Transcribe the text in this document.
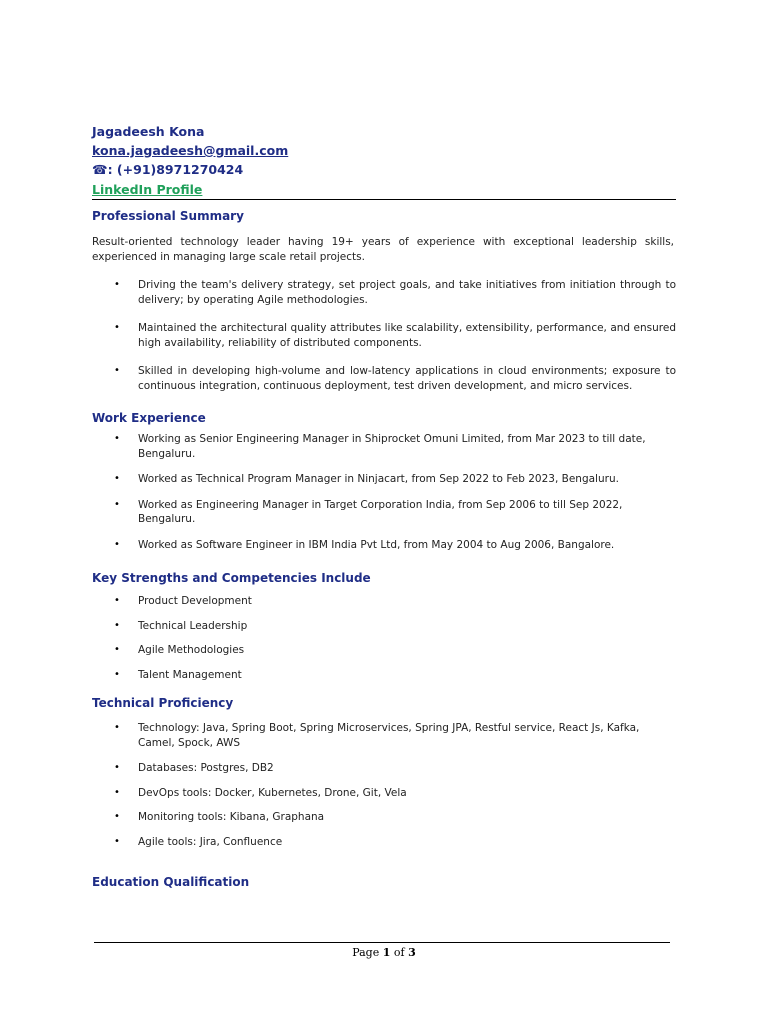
Jagadeesh Kona
kona.jagadeesh@gmail.com
☎: (+91)8971270424
LinkedIn Profile
Professional Summary
Result-oriented technology leader having 19+ years of experience with exceptional leadership skills, experienced in managing large scale retail projects.
• Driving the team's delivery strategy, set project goals, and take initiatives from initiation through to delivery; by operating Agile methodologies.
• Maintained the architectural quality attributes like scalability, extensibility, performance, and ensured high availability, reliability of distributed components.
• Skilled in developing high-volume and low-latency applications in cloud environments; exposure to continuous integration, continuous deployment, test driven development, and micro services.
Work Experience
• Working as Senior Engineering Manager in Shiprocket Omuni Limited, from Mar 2023 to till date, Bengaluru.
• Worked as Technical Program Manager in Ninjacart, from Sep 2022 to Feb 2023, Bengaluru.
• Worked as Engineering Manager in Target Corporation India, from Sep 2006 to till Sep 2022, Bengaluru.
• Worked as Software Engineer in IBM India Pvt Ltd, from May 2004 to Aug 2006, Bangalore.
Key Strengths and Competencies Include
• Product Development
• Technical Leadership
• Agile Methodologies
• Talent Management
Technical Proficiency
• Technology: Java, Spring Boot, Spring Microservices, Spring JPA, Restful service, React Js, Kafka, Camel, Spock, AWS
• Databases: Postgres, DB2
• DevOps tools: Docker, Kubernetes, Drone, Git, Vela
• Monitoring tools: Kibana, Graphana
• Agile tools: Jira, Confluence
Education Qualification
Page 1 of 3
